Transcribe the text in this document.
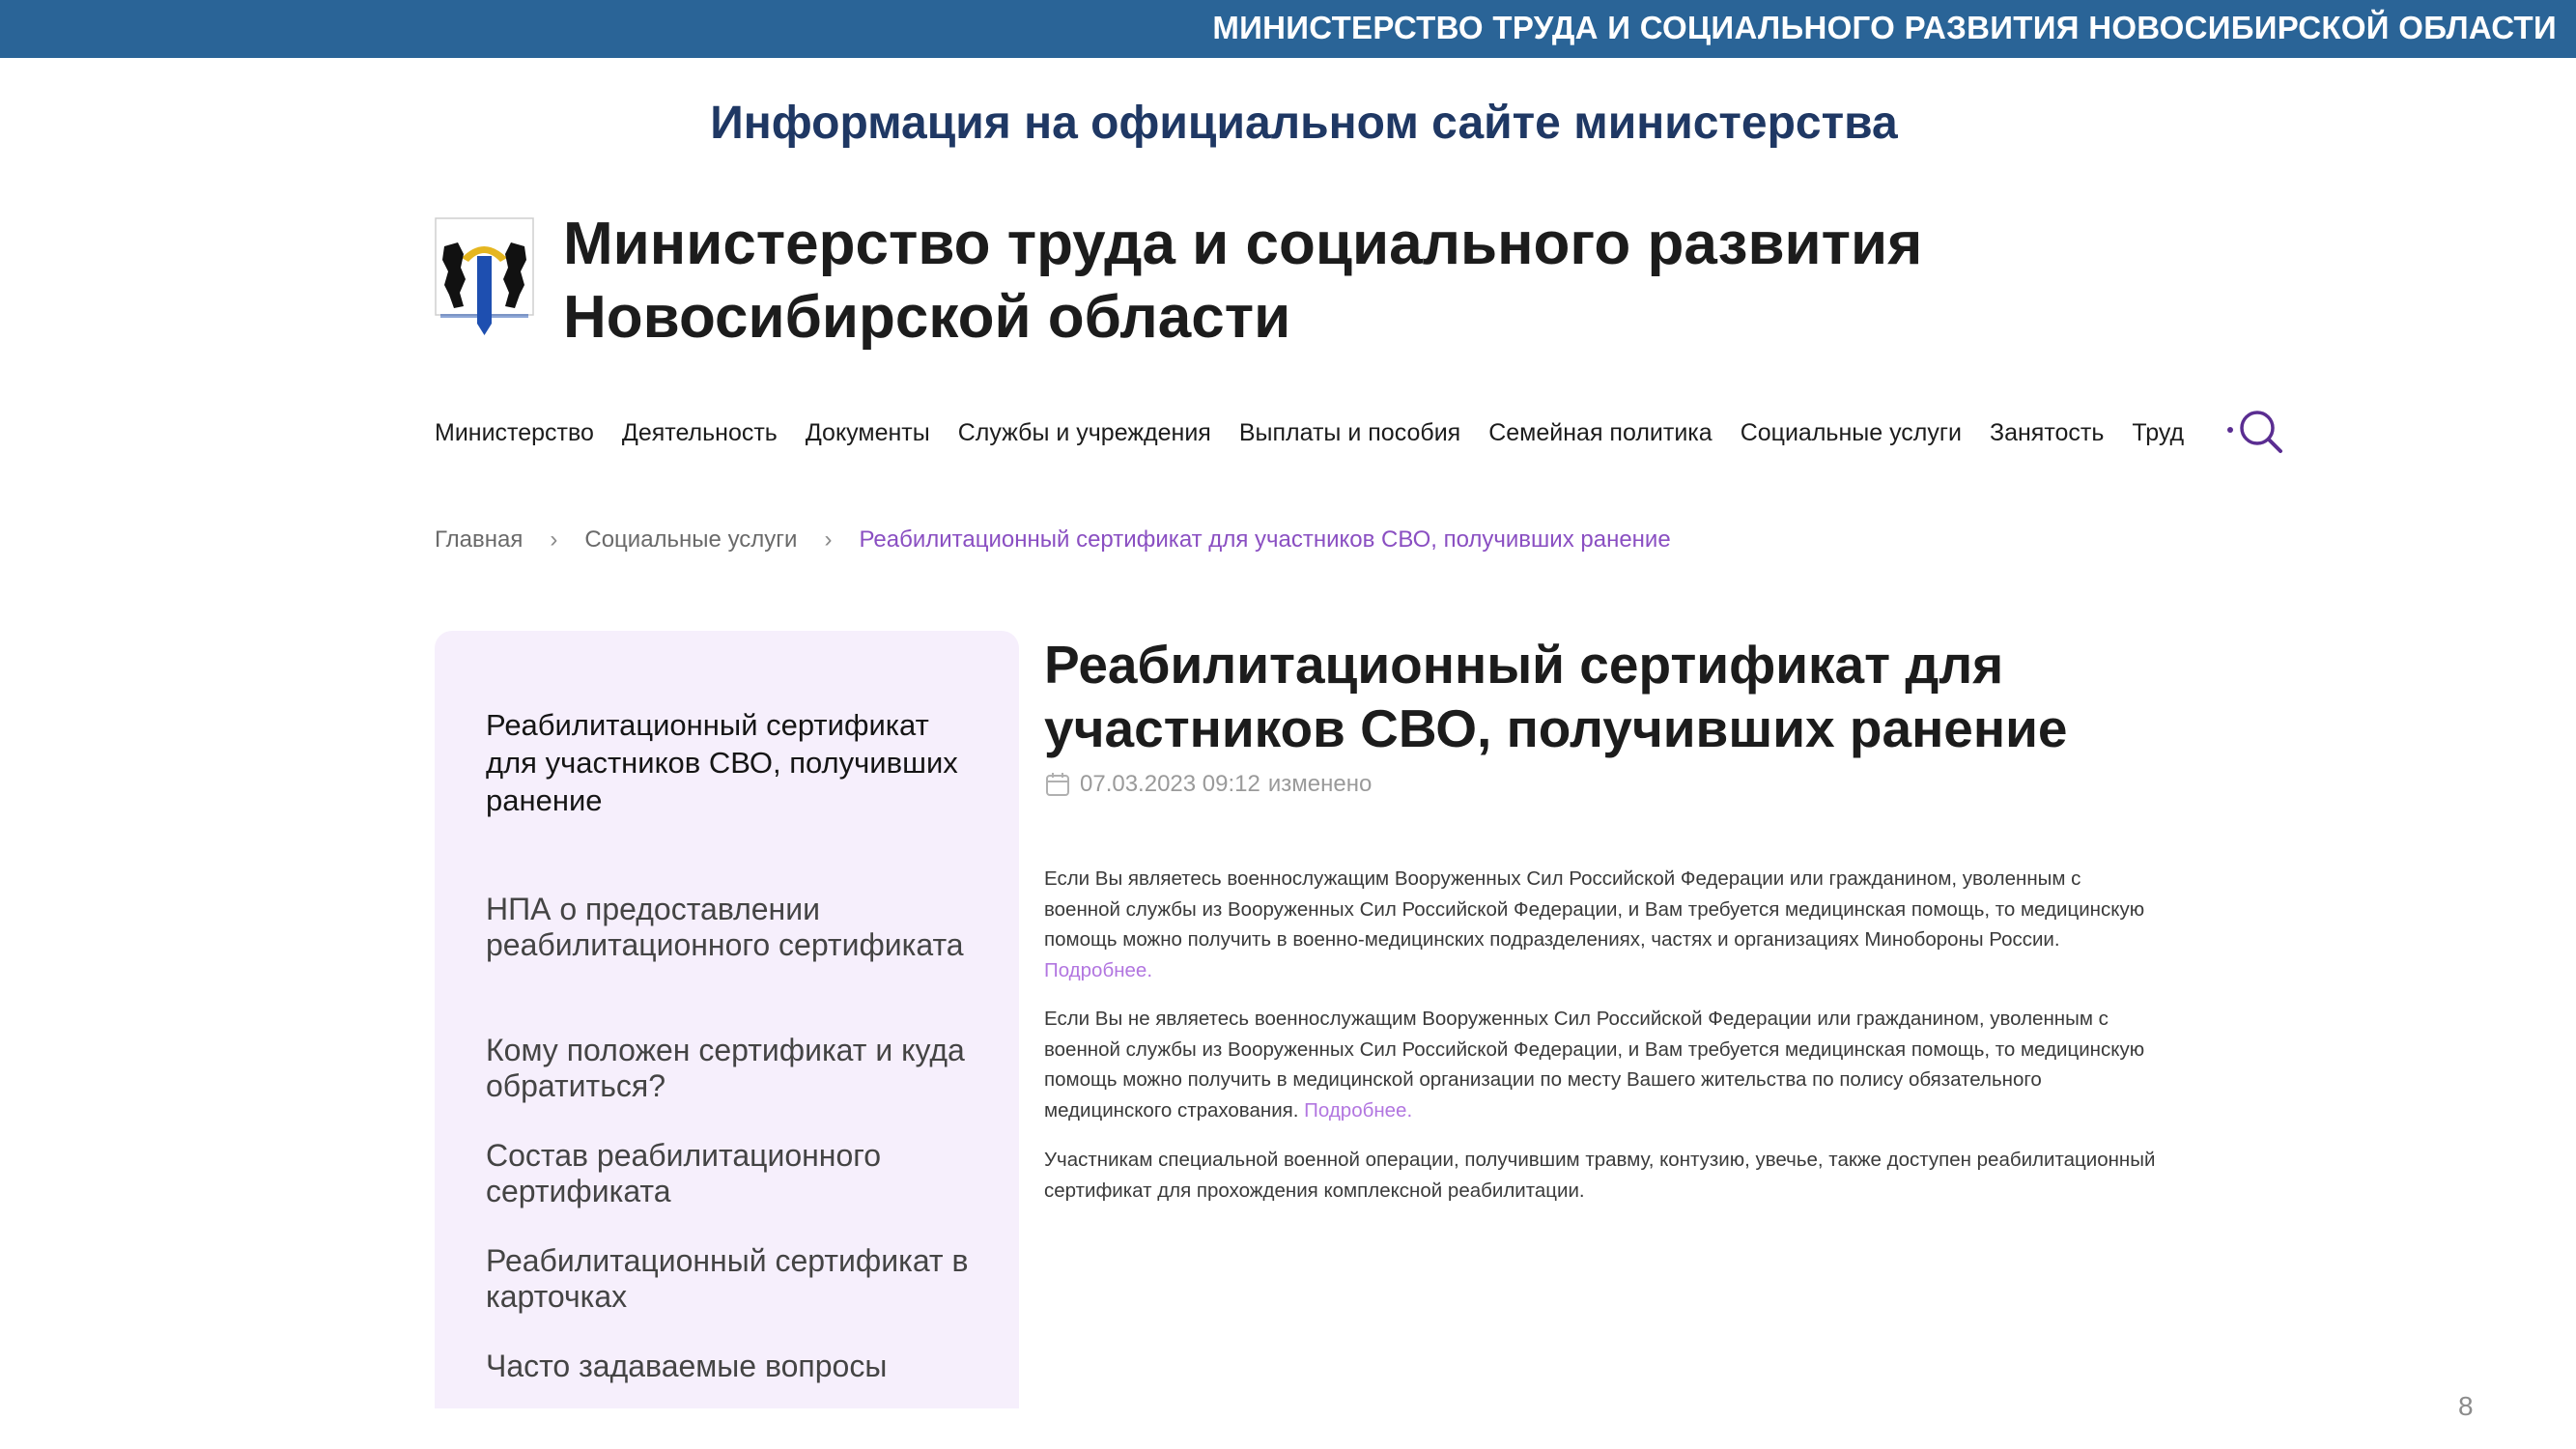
МИНИСТЕРСТВО ТРУДА И СОЦИАЛЬНОГО РАЗВИТИЯ НОВОСИБИРСКОЙ ОБЛАСТИ
Информация на официальном сайте министерства
Министерство труда и социального развития
Новосибирской области
Министерство Деятельность Документы Службы и учреждения Выплаты и пособия Семейная политика Социальные услуги Занятость Труд
Главная › Социальные услуги › Реабилитационный сертификат для участников СВО, получивших ранение
Реабилитационный сертификат для участников СВО, получивших ранение
НПА о предоставлении реабилитационного сертификата
Кому положен сертификат и куда обратиться?
Состав реабилитационного сертификата
Реабилитационный сертификат в карточках
Часто задаваемые вопросы
Реабилитационный сертификат для
участников СВО, получивших ранение
07.03.2023 09:12 изменено
Если Вы являетесь военнослужащим Вооруженных Сил Российской Федерации или гражданином, уволенным с
военной службы из Вооруженных Сил Российской Федерации, и Вам требуется медицинская помощь, то медицинскую
помощь можно получить в военно-медицинских подразделениях, частях и организациях Минобороны России.
Подробнее.
Если Вы не являетесь военнослужащим Вооруженных Сил Российской Федерации или гражданином, уволенным с
военной службы из Вооруженных Сил Российской Федерации, и Вам требуется медицинская помощь, то медицинскую
помощь можно получить в медицинской организации по месту Вашего жительства по полису обязательного
медицинского страхования. Подробнее.
Участникам специальной военной операции, получившим травму, контузию, увечье, также доступен реабилитационный
сертификат для прохождения комплексной реабилитации.
8
